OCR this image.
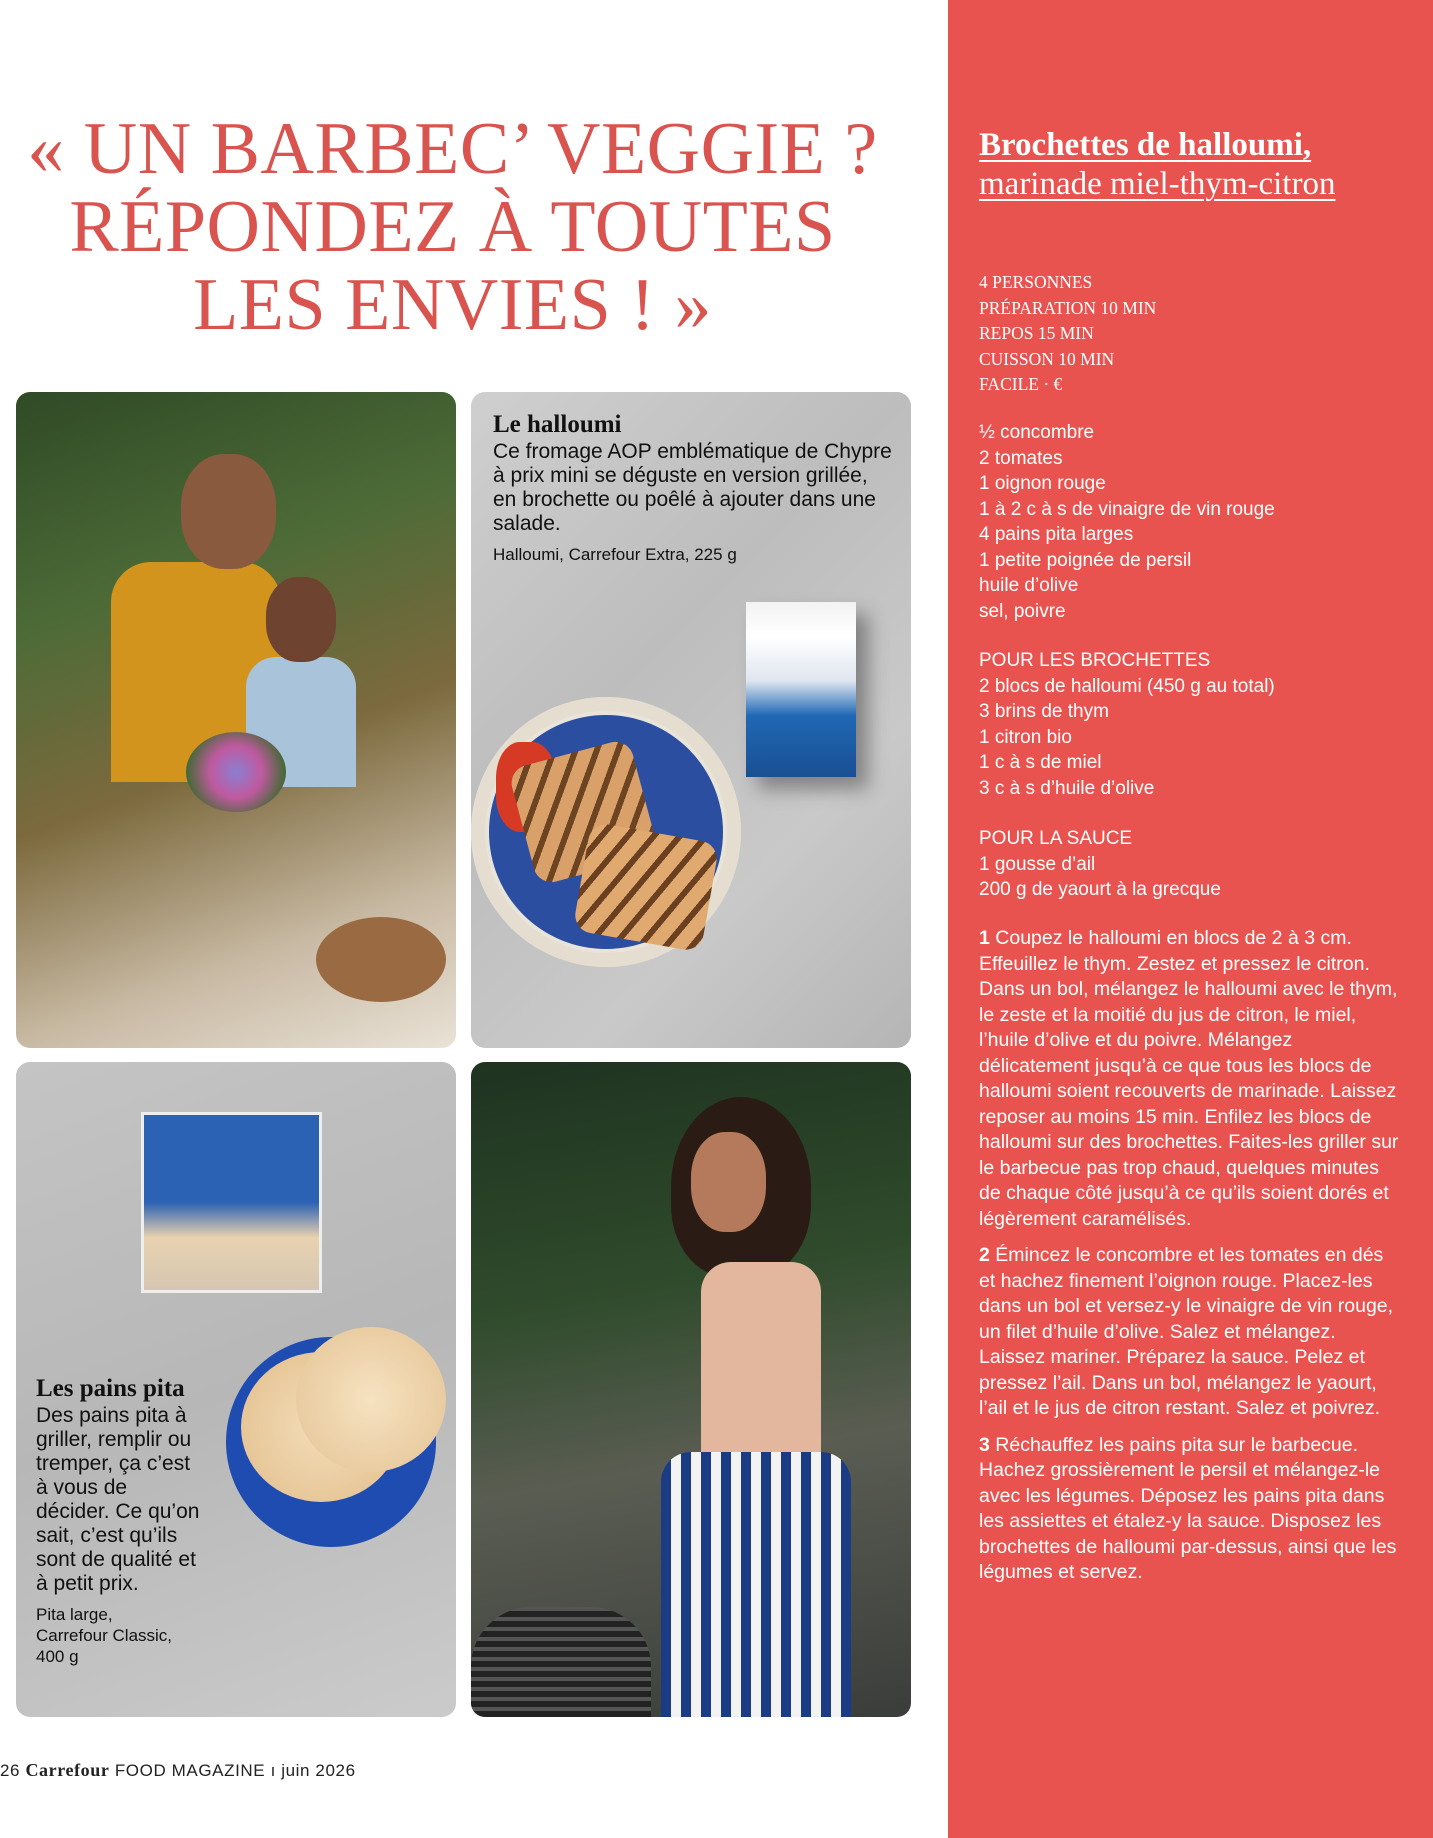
« UN BARBEC’ VEGGIE ?
RÉPONDEZ À TOUTES
LES ENVIES ! »
Le halloumi
Ce fromage AOP emblématique de Chypre à prix mini se déguste en version grillée, en brochette ou poêlé à ajouter dans une salade.
Halloumi, Carrefour Extra, 225 g
Les pains pita
Des pains pita à griller, remplir ou tremper, ça c’est à vous de décider. Ce qu’on sait, c’est qu’ils sont de qualité et à petit prix.
Pita large,
Carrefour Classic,
400 g
26 Carrefour FOOD MAGAZINE ı juin 2026
Brochettes de halloumi, marinade miel-thym-citron
4 PERSONNES
PRÉPARATION 10 MIN
REPOS 15 MIN
CUISSON 10 MIN
FACILE · €
½ concombre
2 tomates
1 oignon rouge
1 à 2 c à s de vinaigre de vin rouge
4 pains pita larges
1 petite poignée de persil
huile d’olive
sel, poivre
POUR LES BROCHETTES
2 blocs de halloumi (450 g au total)
3 brins de thym
1 citron bio
1 c à s de miel
3 c à s d’huile d’olive
POUR LA SAUCE
1 gousse d’ail
200 g de yaourt à la grecque

1 Coupez le halloumi en blocs de 2 à 3 cm. Effeuillez le thym. Zestez et pressez le citron. Dans un bol, mélangez le halloumi avec le thym, le zeste et la moitié du jus de citron, le miel, l’huile d’olive et du poivre. Mélangez délicatement jusqu’à ce que tous les blocs de halloumi soient recouverts de marinade. Laissez reposer au moins 15 min. Enfilez les blocs de halloumi sur des brochettes. Faites-les griller sur le barbecue pas trop chaud, quelques minutes de chaque côté jusqu’à ce qu’ils soient dorés et légèrement caramélisés.

2 Émincez le concombre et les tomates en dés et hachez finement l’oignon rouge. Placez-les dans un bol et versez-y le vinaigre de vin rouge, un filet d’huile d’olive. Salez et mélangez. Laissez mariner. Préparez la sauce. Pelez et pressez l’ail. Dans un bol, mélangez le yaourt, l’ail et le jus de citron restant. Salez et poivrez.

3 Réchauffez les pains pita sur le barbecue. Hachez grossièrement le persil et mélangez-le avec les légumes. Déposez les pains pita dans les assiettes et étalez-y la sauce. Disposez les brochettes de halloumi par-dessus, ainsi que les légumes et servez.
